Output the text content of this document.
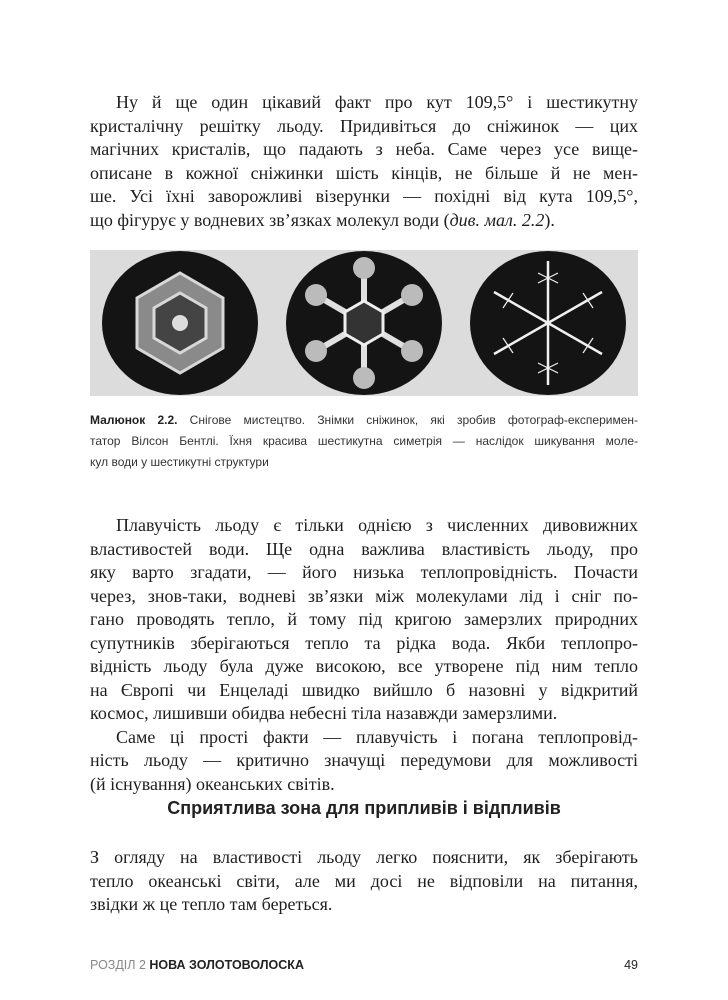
Ну й ще один цікавий факт про кут 109,5° і шестикутну
кристалічну решітку льоду. Придивіться до сніжинок — цих
магічних кристалів, що падають з неба. Саме через усе вище-
описане в кожної сніжинки шість кінців, не більше й не мен-
ше. Усі їхні заворожливі візерунки — похідні від кута 109,5°,
що фігурує у водневих зв’язках молекул води (див. мал. 2.2).
Малюнок 2.2. Снігове мистецтво. Знімки сніжинок, які зробив фотограф-експеримен-
татор Вілсон Бентлі. Їхня красива шестикутна симетрія — наслідок шикування моле-
кул води у шестикутні структури
Плавучість льоду є тільки однією з численних дивовижних
властивостей води. Ще одна важлива властивість льоду, про
яку варто згадати, — його низька теплопровідність. Почасти
через, знов-таки, водневі зв’язки між молекулами лід і сніг по-
гано проводять тепло, й тому під кригою замерзлих природних
супутників зберігаються тепло та рідка вода. Якби теплопро-
відність льоду була дуже високою, все утворене під ним тепло
на Європі чи Енцеладі швидко вийшло б назовні у відкритий
космос, лишивши обидва небесні тіла назавжди замерзлими.
Саме ці прості факти — плавучість і погана теплопровід-
ність льоду — критично значущі передумови для можливості
(й існування) океанських світів.
Сприятлива зона для припливів і відпливів
З огляду на властивості льоду легко пояснити, як зберігають
тепло океанські світи, але ми досі не відповіли на питання,
звідки ж це тепло там береться.
РОЗДІЛ 2 НОВА ЗОЛОТОВОЛОСКА	49
